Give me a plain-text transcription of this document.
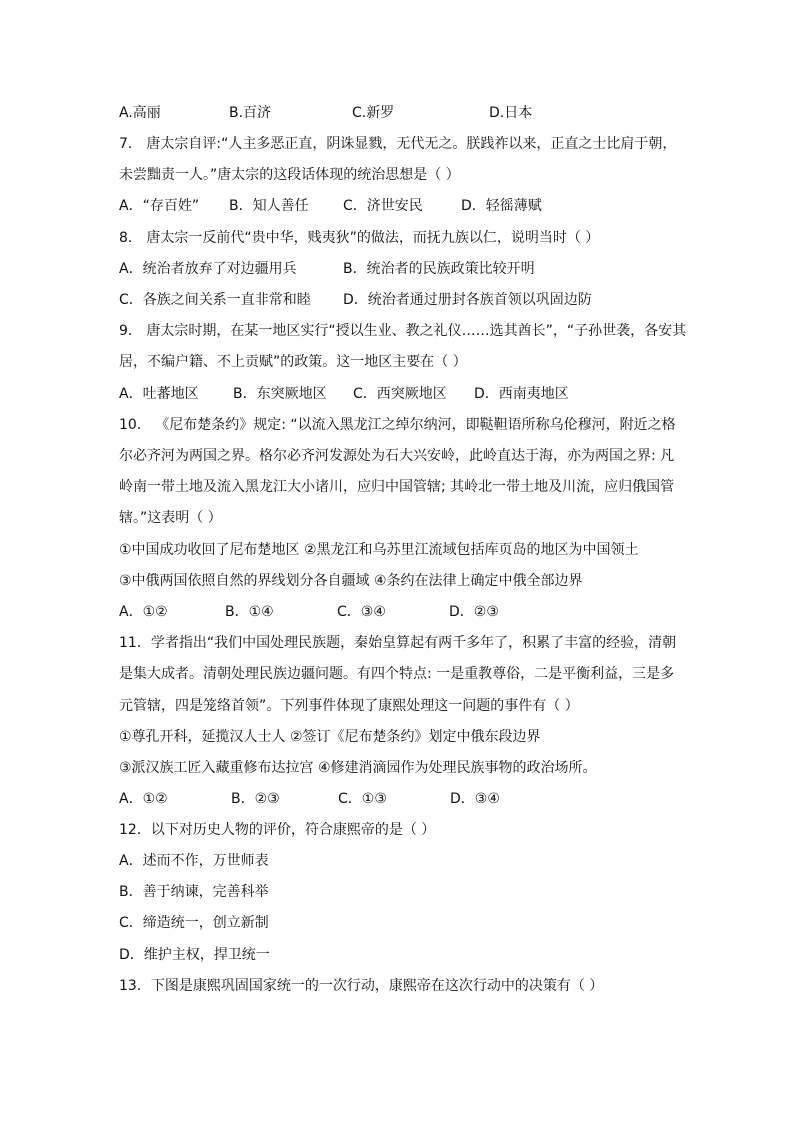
A.高丽	B.百济	C.新罗	D.日本
7． 唐太宗自评:“人主多恶正直，阴诛显戮，无代无之。朕践祚以来，正直之士比肩于朝，
未尝黜责一人。”唐太宗的这段话体现的统治思想是（ ）
A．“存百姓” B．知人善任 C．济世安民	D．轻徭薄赋
8． 唐太宗一反前代“贵中华，贱夷狄”的做法，而抚九族以仁，说明当时（ ）
A．统治者放弃了对边疆用兵	B．统治者的民族政策比较开明
C．各族之间关系一直非常和睦 D．统治者通过册封各族首领以巩固边防
9． 唐太宗时期，在某一地区实行“授以生业、教之礼仪……选其酋长”，“子孙世袭，各安其
居，不编户籍、不上贡赋”的政策。这一地区主要在（ ）
A．吐蕃地区 B．东突厥地区 C．西突厥地区 D．西南夷地区
10． 《尼布楚条约》规定: “以流入黑龙江之绰尔纳河，即鞑靼语所称乌伦穆河，附近之格
尔必齐河为两国之界。格尔必齐河发源处为石大兴安岭，此岭直达于海，亦为两国之界: 凡
岭南一带土地及流入黑龙江大小诸川，应归中国管辖; 其岭北一带土地及川流，应归俄国管
辖。”这表明（ ）
①中国成功收回了尼布楚地区 ②黑龙江和乌苏里江流域包括库页岛的地区为中国领土
③中俄两国依照自然的界线划分各自疆域 ④条约在法律上确定中俄全部边界
A．①②	B．①④	C．③④	D．②③
11．学者指出“我们中国处理民族题，秦始皇算起有两千多年了，积累了丰富的经验，清朝
是集大成者。清朝处理民族边疆问题。有四个特点: 一是重教尊俗，二是平衡利益，三是多
元管辖，四是笼络首领”。下列事件体现了康熙处理这一问题的事件有（ ）
①尊孔开科，延揽汉人士人 ②签订《尼布楚条约》划定中俄东段边界
③派汉族工匠入藏重修布达拉宫 ④修建消滴园作为处理民族事物的政治场所。
A．①②	B．②③	C．①③	D．③④
12．以下对历史人物的评价，符合康熙帝的是（ ）
A．述而不作，万世师表
B．善于纳谏，完善科举
C．缔造统一，创立新制
D．维护主权，捍卫统一
13．下图是康熙巩固国家统一的一次行动，康熙帝在这次行动中的决策有（ ）
